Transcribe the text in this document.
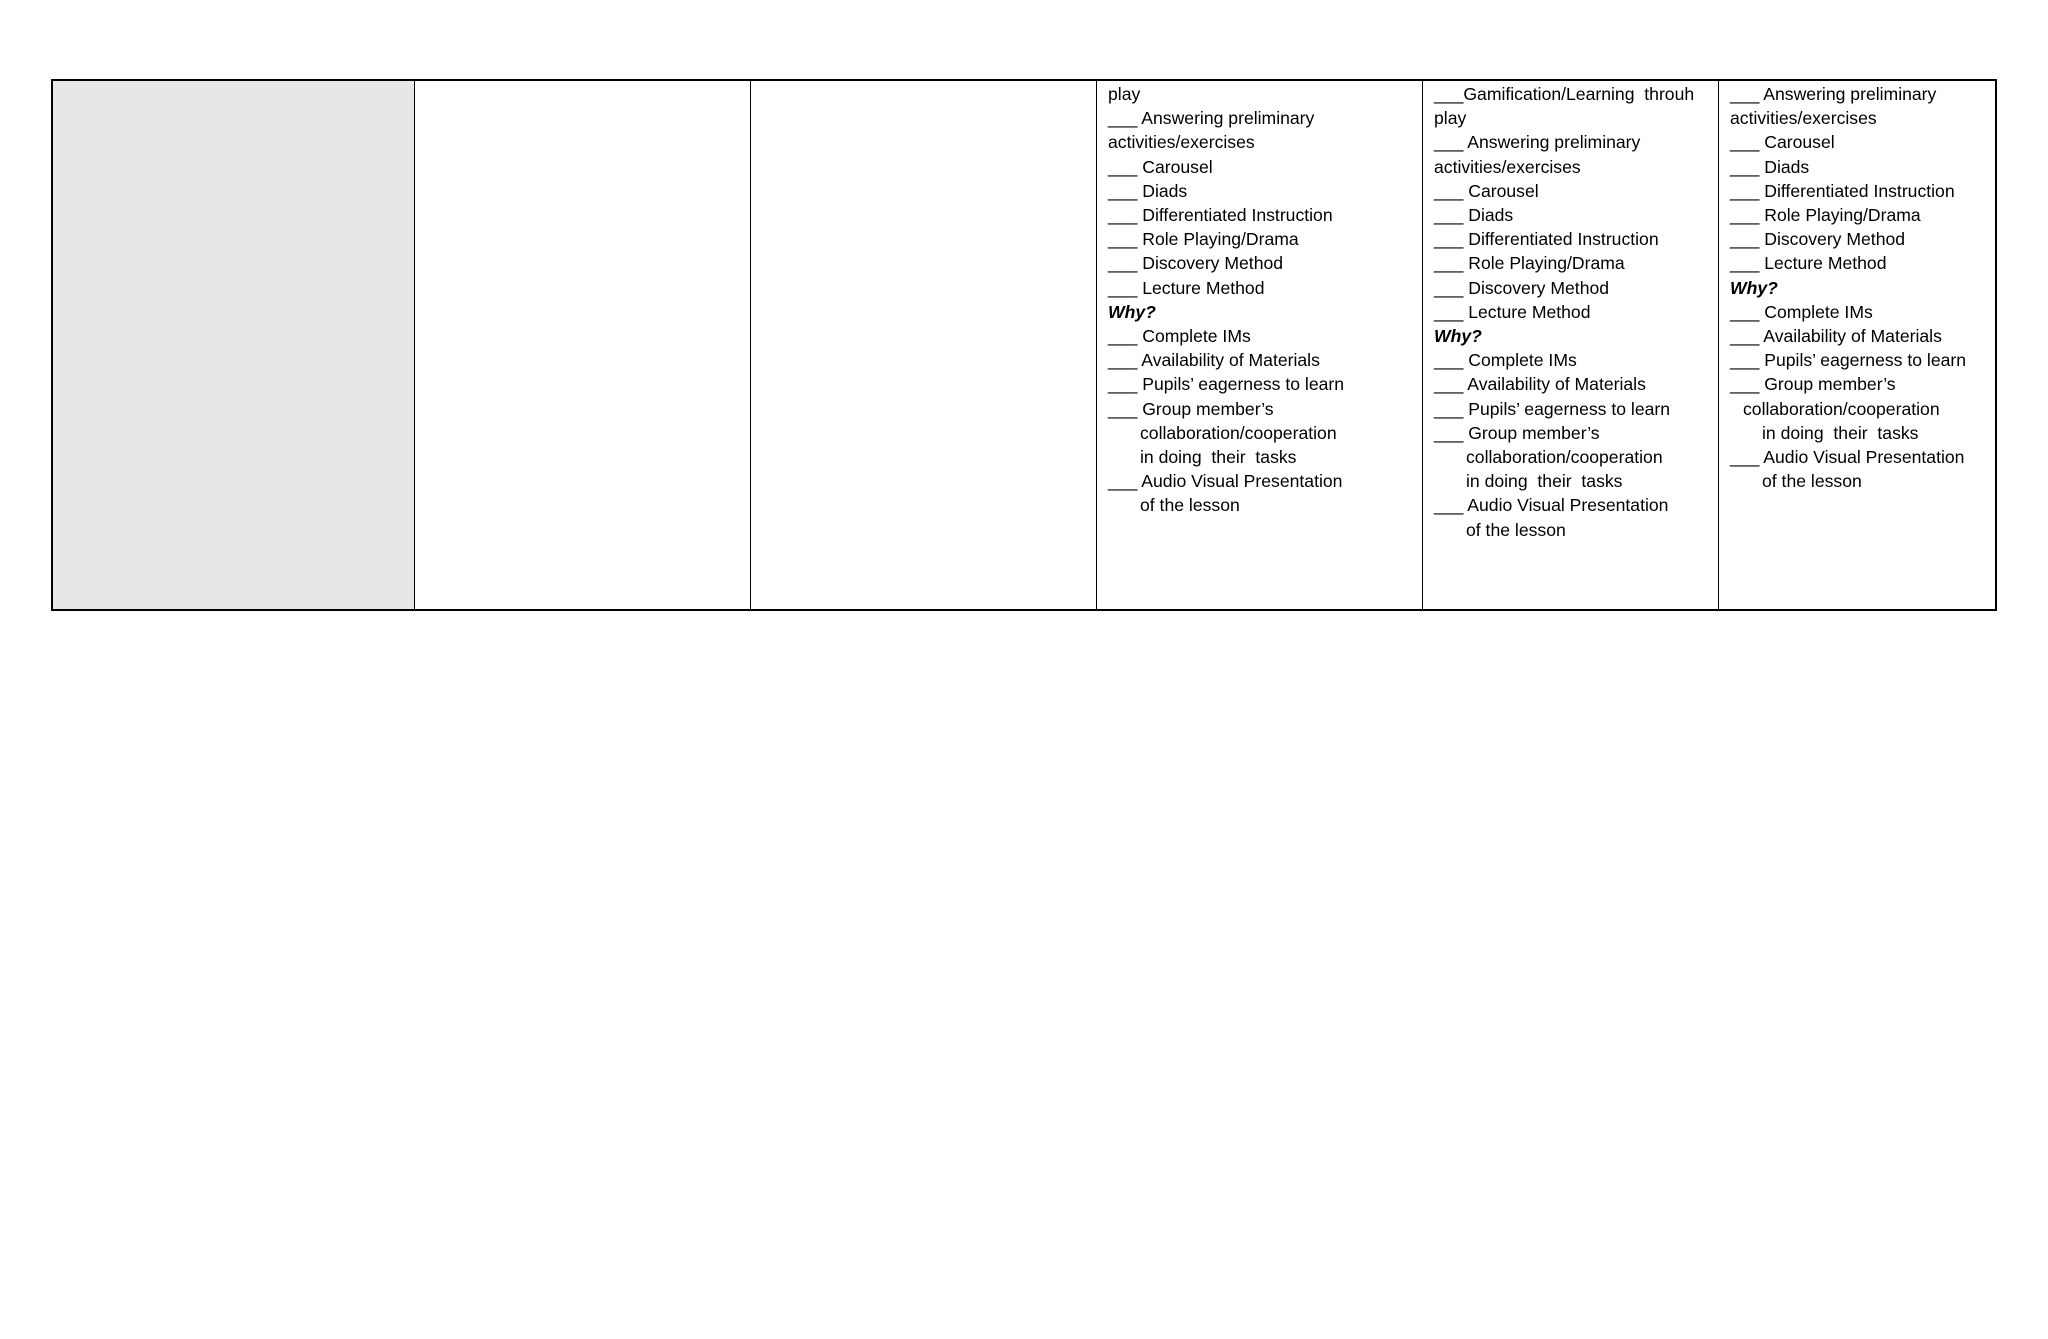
play
___ Answering preliminary
activities/exercises
___ Carousel
___ Diads
___ Differentiated Instruction
___ Role Playing/Drama
___ Discovery Method
___ Lecture Method
Why?
___ Complete IMs
___ Availability of Materials
___ Pupils’ eagerness to learn
___ Group member’s
collaboration/cooperation
in doing  their  tasks
___ Audio Visual Presentation
of the lesson
___Gamification/Learning  throuh
play
___ Answering preliminary
activities/exercises
___ Carousel
___ Diads
___ Differentiated Instruction
___ Role Playing/Drama
___ Discovery Method
___ Lecture Method
Why?
___ Complete IMs
___ Availability of Materials
___ Pupils’ eagerness to learn
___ Group member’s
collaboration/cooperation
in doing  their  tasks
___ Audio Visual Presentation
of the lesson
___ Answering preliminary
activities/exercises
___ Carousel
___ Diads
___ Differentiated Instruction
___ Role Playing/Drama
___ Discovery Method
___ Lecture Method
Why?
___ Complete IMs
___ Availability of Materials
___ Pupils’ eagerness to learn
___ Group member’s
collaboration/cooperation
in doing  their  tasks
___ Audio Visual Presentation
of the lesson
